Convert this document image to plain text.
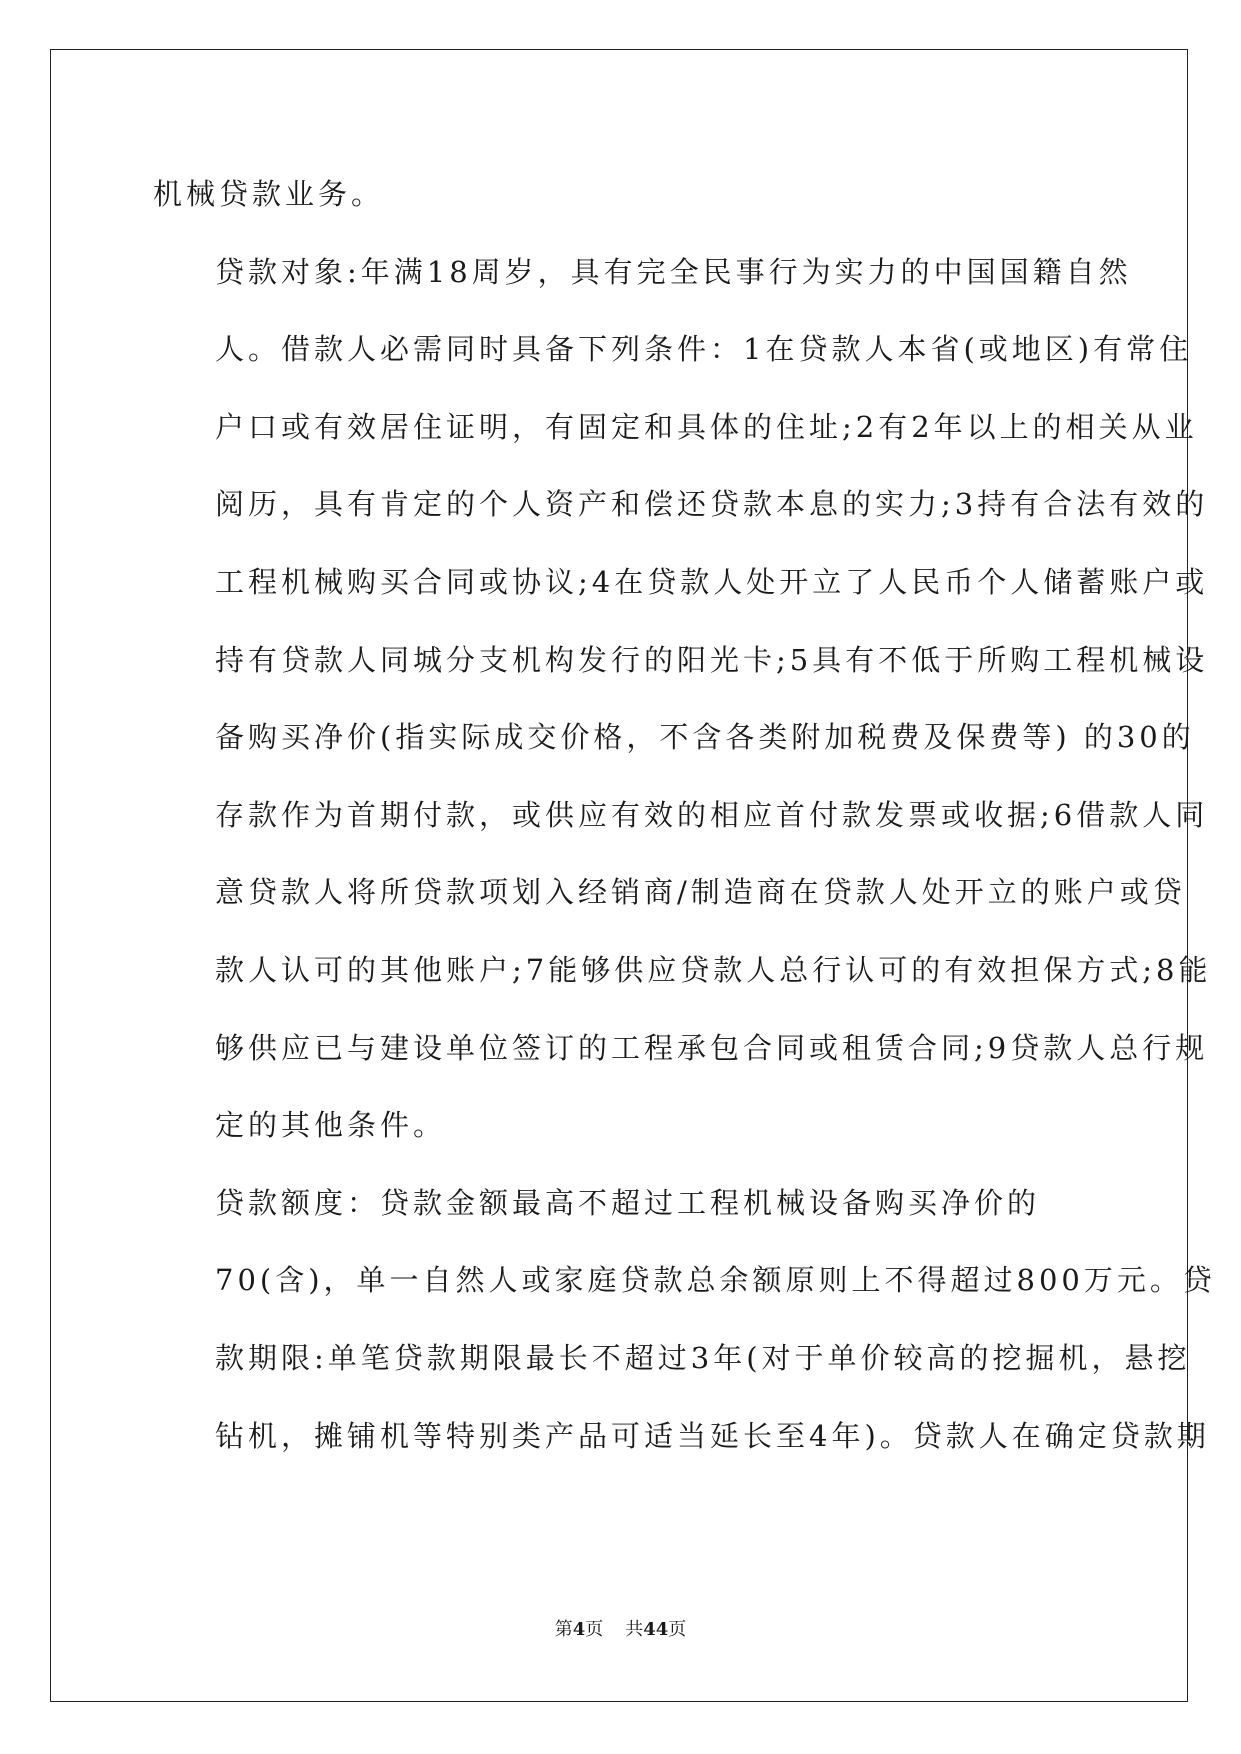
机械贷款业务。

贷款对象:年满18周岁，具有完全民事行为实力的中国国籍自然
人。借款人必需同时具备下列条件：1在贷款人本省(或地区)有常住
户口或有效居住证明，有固定和具体的住址;2有2年以上的相关从业
阅历，具有肯定的个人资产和偿还贷款本息的实力;3持有合法有效的
工程机械购买合同或协议;4在贷款人处开立了人民币个人储蓄账户或
持有贷款人同城分支机构发行的阳光卡;5具有不低于所购工程机械设
备购买净价(指实际成交价格，不含各类附加税费及保费等) 的30的
存款作为首期付款，或供应有效的相应首付款发票或收据;6借款人同
意贷款人将所贷款项划入经销商/制造商在贷款人处开立的账户或贷
款人认可的其他账户;7能够供应贷款人总行认可的有效担保方式;8能
够供应已与建设单位签订的工程承包合同或租赁合同;9贷款人总行规
定的其他条件。

贷款额度：贷款金额最高不超过工程机械设备购买净价的
70(含)，单一自然人或家庭贷款总余额原则上不得超过800万元。贷
款期限:单笔贷款期限最长不超过3年(对于单价较高的挖掘机，悬挖
钻机，摊铺机等特别类产品可适当延长至4年)。贷款人在确定贷款期

第4页 共44页
